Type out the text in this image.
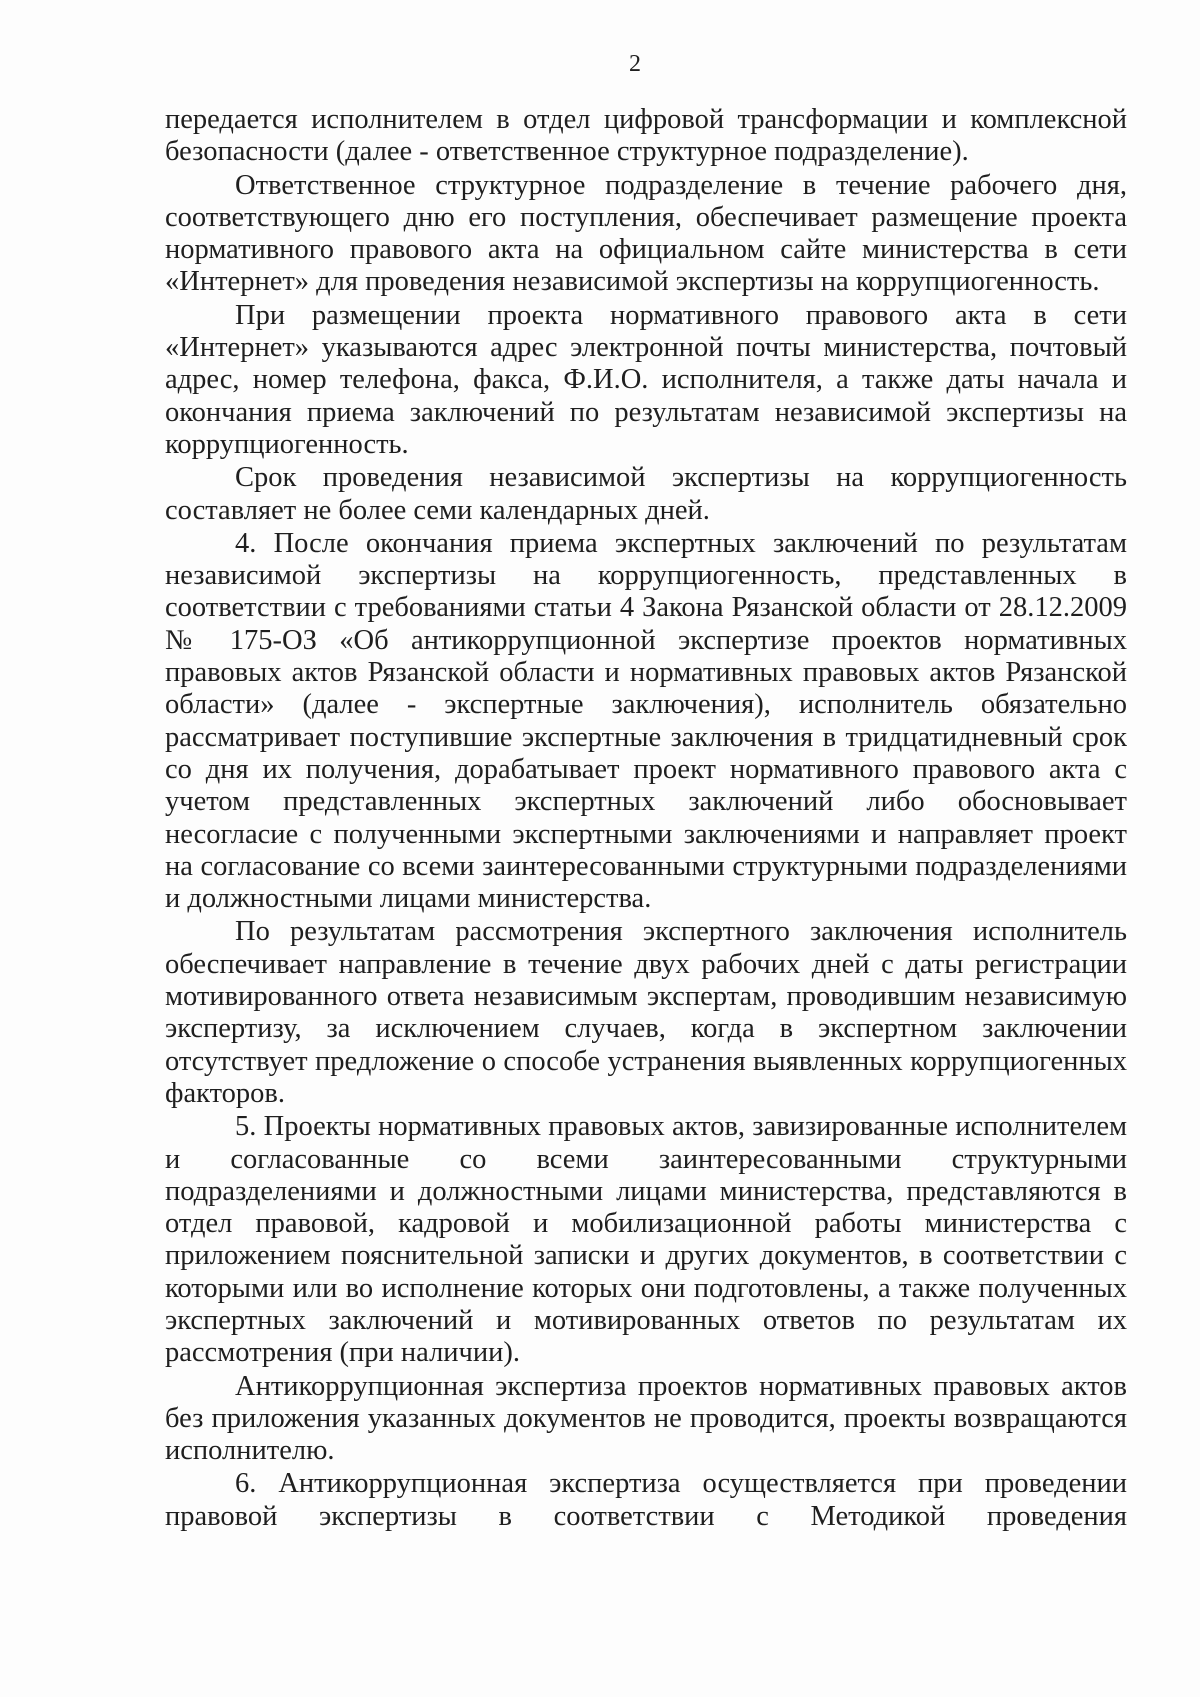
2

передается исполнителем в отдел цифровой трансформации и комплексной безопасности (далее - ответственное структурное подразделение).

Ответственное структурное подразделение в течение рабочего дня, соответствующего дню его поступления, обеспечивает размещение проекта нормативного правового акта на официальном сайте министерства в сети «Интернет» для проведения независимой экспертизы на коррупциогенность.

При размещении проекта нормативного правового акта в сети «Интернет» указываются адрес электронной почты министерства, почтовый адрес, номер телефона, факса, Ф.И.О. исполнителя, а также даты начала и окончания приема заключений по результатам независимой экспертизы на коррупциогенность.

Срок проведения независимой экспертизы на коррупциогенность составляет не более семи календарных дней.

4. После окончания приема экспертных заключений по результатам независимой экспертизы на коррупциогенность, представленных в соответствии с требованиями статьи 4 Закона Рязанской области от 28.12.2009 № 175-ОЗ «Об антикоррупционной экспертизе проектов нормативных правовых актов Рязанской области и нормативных правовых актов Рязанской области» (далее - экспертные заключения), исполнитель обязательно рассматривает поступившие экспертные заключения в тридцатидневный срок со дня их получения, дорабатывает проект нормативного правового акта с учетом представленных экспертных заключений либо обосновывает несогласие с полученными экспертными заключениями и направляет проект на согласование со всеми заинтересованными структурными подразделениями и должностными лицами министерства.

По результатам рассмотрения экспертного заключения исполнитель обеспечивает направление в течение двух рабочих дней с даты регистрации мотивированного ответа независимым экспертам, проводившим независимую экспертизу, за исключением случаев, когда в экспертном заключении отсутствует предложение о способе устранения выявленных коррупциогенных факторов.

5. Проекты нормативных правовых актов, завизированные исполнителем и согласованные со всеми заинтересованными структурными подразделениями и должностными лицами министерства, представляются в отдел правовой, кадровой и мобилизационной работы министерства с приложением пояснительной записки и других документов, в соответствии с которыми или во исполнение которых они подготовлены, а также полученных экспертных заключений и мотивированных ответов по результатам их рассмотрения (при наличии).

Антикоррупционная экспертиза проектов нормативных правовых актов без приложения указанных документов не проводится, проекты возвращаются исполнителю.

6. Антикоррупционная экспертиза осуществляется при проведении правовой экспертизы в соответствии с Методикой проведения
